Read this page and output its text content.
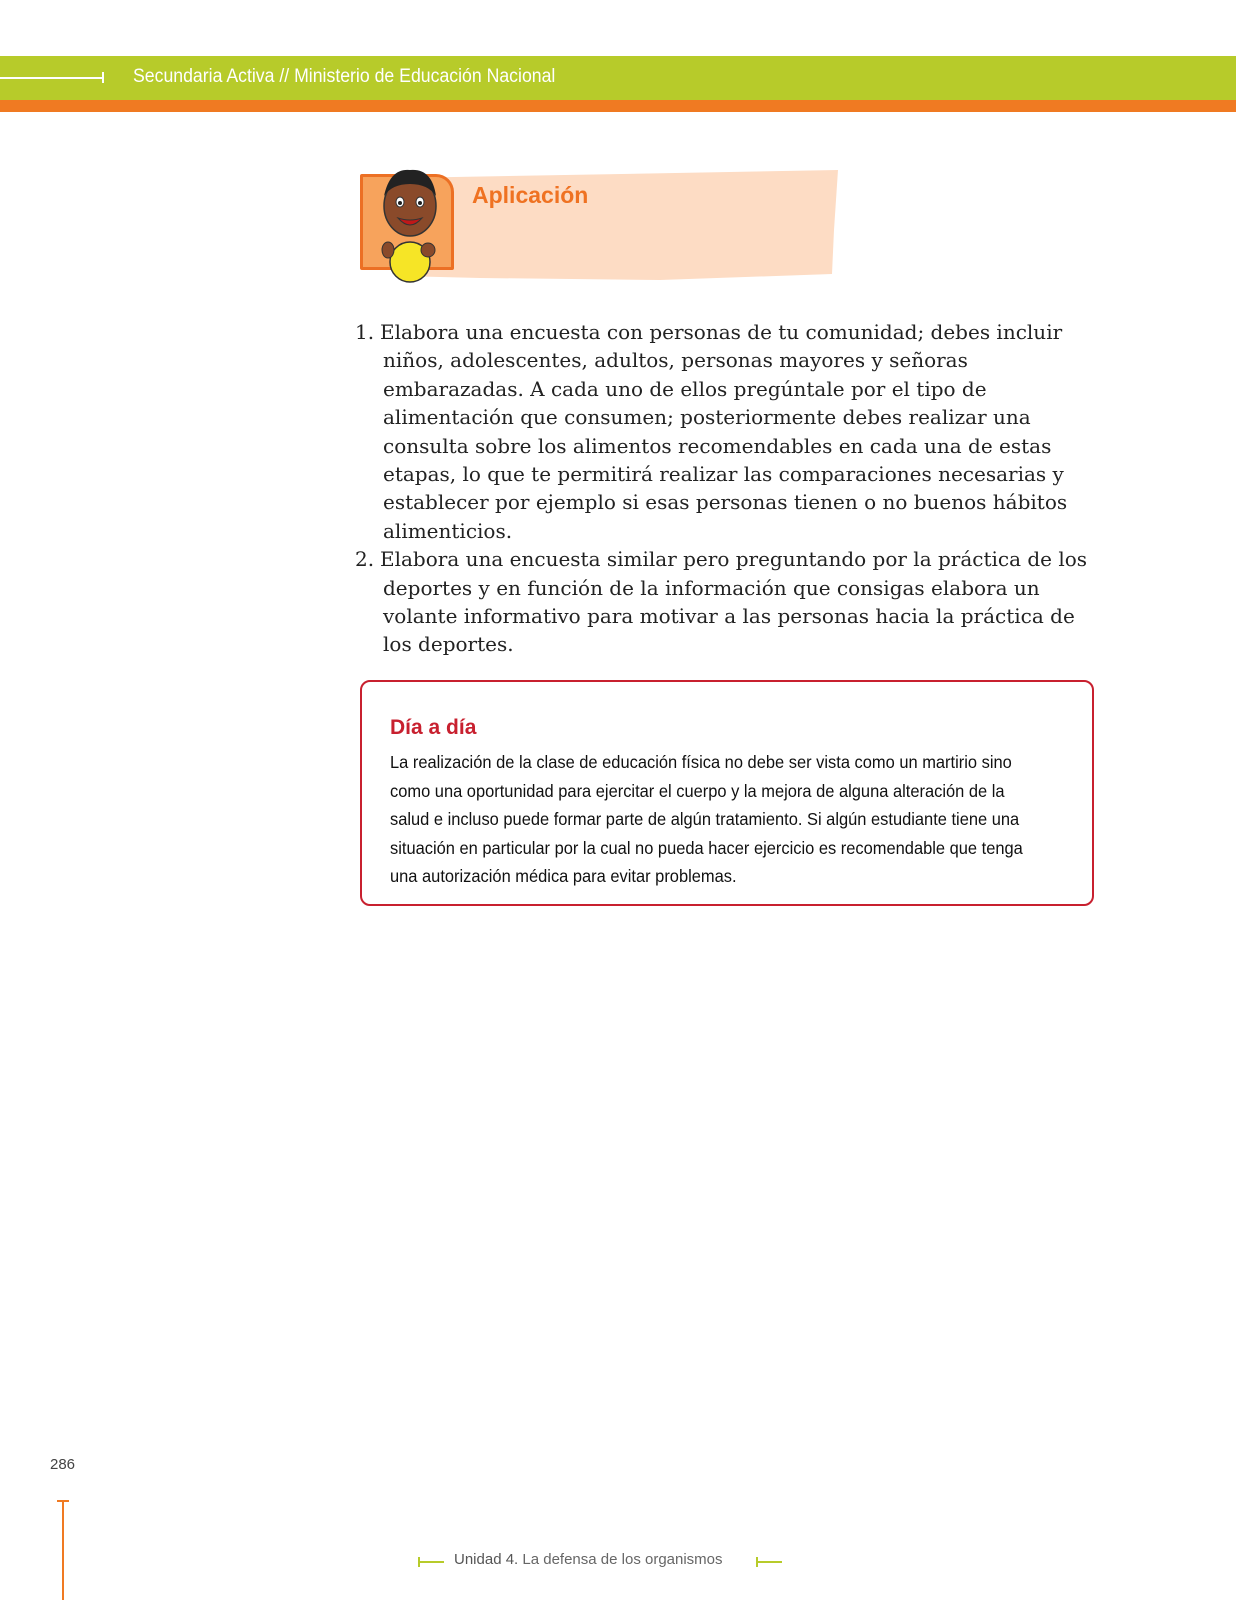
Secundaria Activa // Ministerio de Educación Nacional
Aplicación
1. Elabora una encuesta con personas de tu comunidad; debes incluir niños, adolescentes, adultos, personas mayores y señoras embarazadas. A cada uno de ellos pregúntale por el tipo de alimentación que consumen; posteriormente debes realizar una consulta sobre los alimentos recomendables en cada una de estas etapas, lo que te permitirá realizar las comparaciones necesarias y establecer por ejemplo si esas personas tienen o no buenos hábitos alimenticios.
2. Elabora una encuesta similar pero preguntando por la práctica de los deportes y en función de la información que consigas elabora un volante informativo para motivar a las personas hacia la práctica de los deportes.
Día a día
La realización de la clase de educación física no debe ser vista como un martirio sino como una oportunidad para ejercitar el cuerpo y la mejora de alguna alteración de la salud e incluso puede formar parte de algún tratamiento. Si algún estudiante tiene una situación en particular por la cual no pueda hacer ejercicio es recomendable que tenga una autorización médica para evitar problemas.
286
Unidad 4. La defensa de los organismos
